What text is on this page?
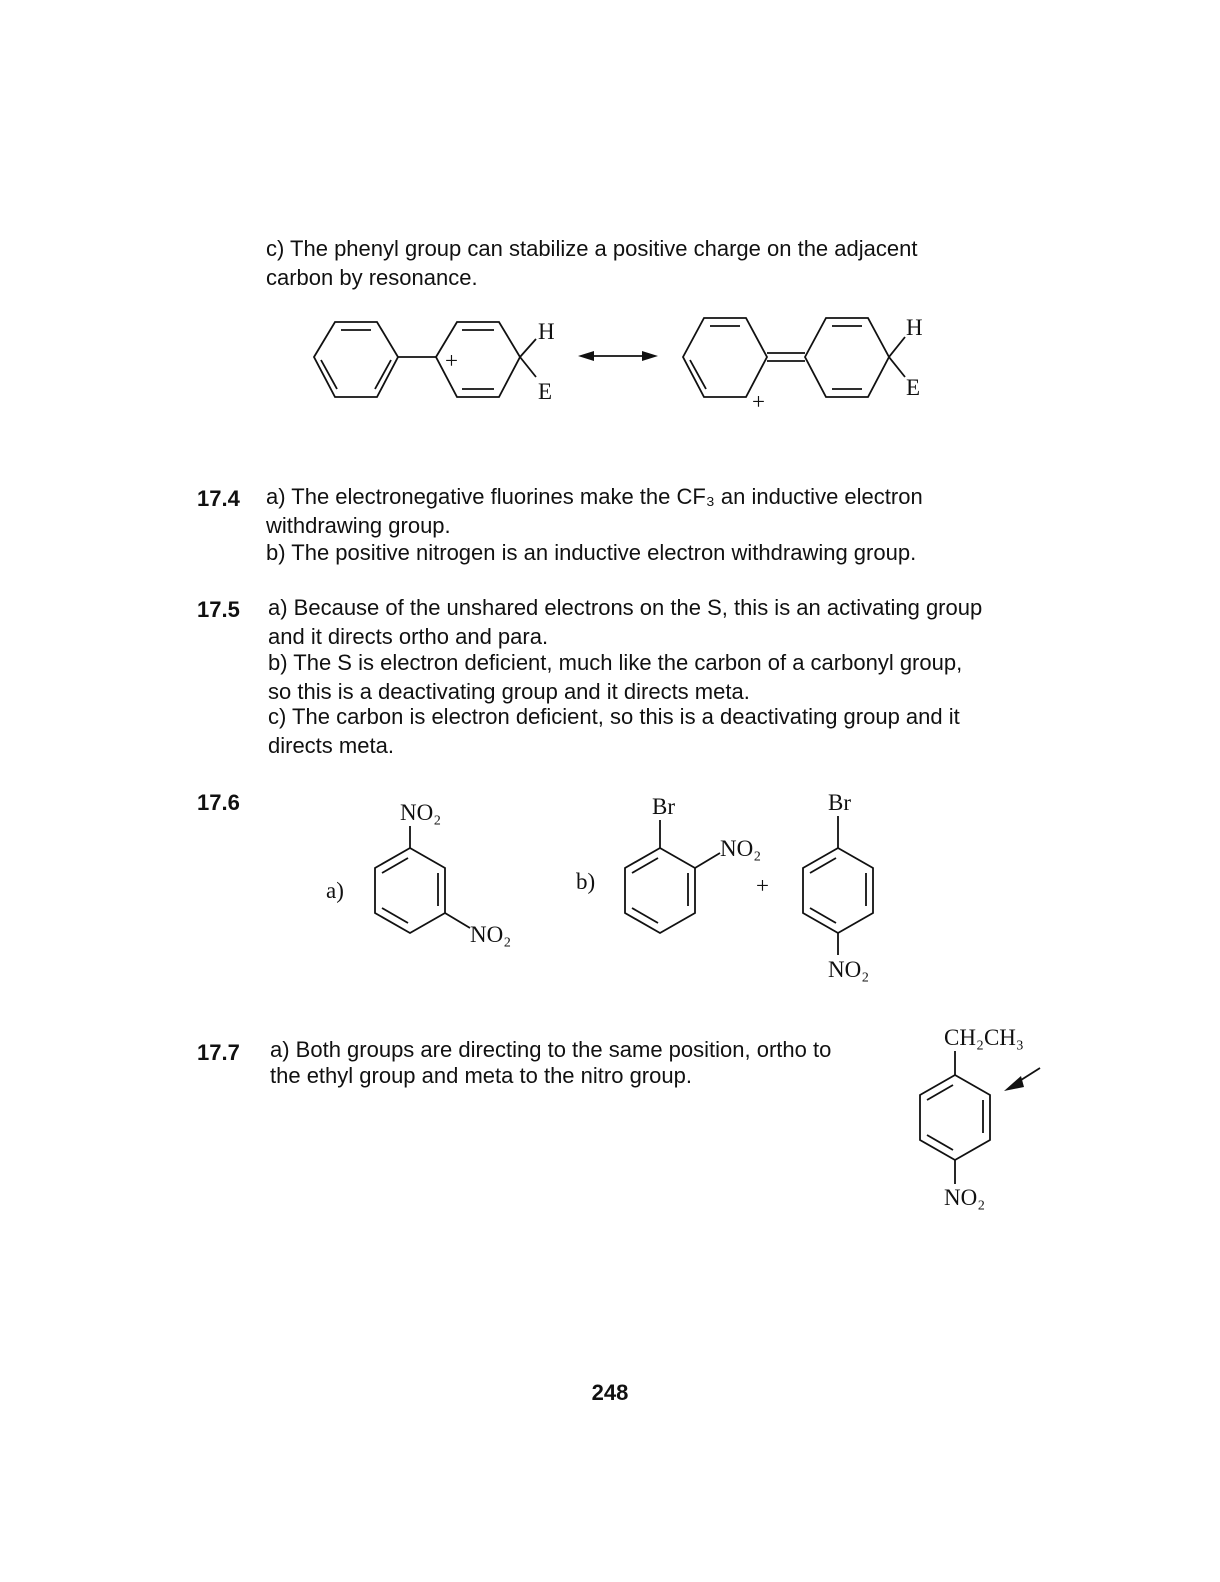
c) The phenyl group can stabilize a positive charge on the adjacent
carbon by resonance.
17.4 a) The electronegative fluorines make the CF₃ an inductive electron
withdrawing group.
b) The positive nitrogen is an inductive electron withdrawing group.
17.5 a) Because of the unshared electrons on the S, this is an activating group
and it directs ortho and para.
b) The S is electron deficient, much like the carbon of a carbonyl group,
so this is a deactivating group and it directs meta.
c) The carbon is electron deficient, so this is a deactivating group and it
directs meta.
17.6
17.7 a) Both groups are directing to the same position, ortho to
the ethyl group and meta to the nitro group.
248
+
H
E	+
H
E
a)
NO₂
NO₂
b)
Br
NO₂
+
Br
NO₂
CH₂CH₃
NO₂
